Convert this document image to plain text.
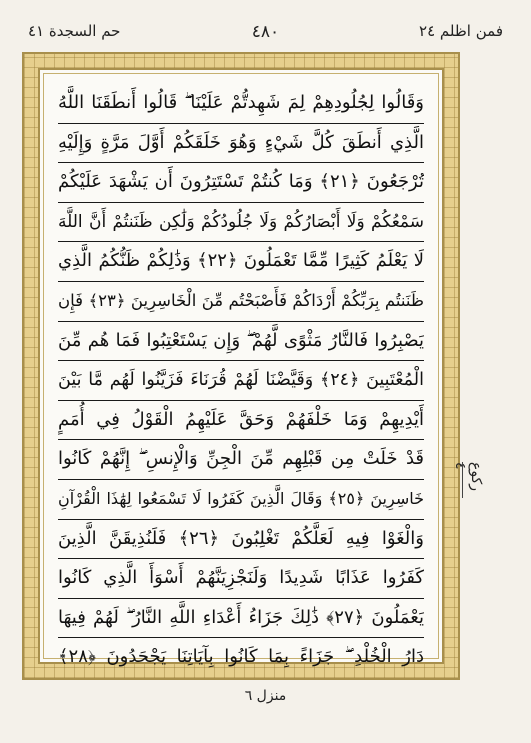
حم السجدة ٤١	٤٨٠	فمن اظلم ٢٤
وَقَالُوا لِجُلُودِهِمْ لِمَ شَهِدتُّمْ عَلَيْنَا ۖ قَالُوا أَنطَقَنَا اللَّهُ
الَّذِي أَنطَقَ كُلَّ شَيْءٍ وَهُوَ خَلَقَكُمْ أَوَّلَ مَرَّةٍ وَإِلَيْهِ
تُرْجَعُونَ ﴿٢١﴾ وَمَا كُنتُمْ تَسْتَتِرُونَ أَن يَشْهَدَ عَلَيْكُمْ
سَمْعُكُمْ وَلَا أَبْصَارُكُمْ وَلَا جُلُودُكُمْ وَلَٰكِن ظَنَنتُمْ أَنَّ اللَّهَ
لَا يَعْلَمُ كَثِيرًا مِّمَّا تَعْمَلُونَ ﴿٢٢﴾ وَذَٰلِكُمْ ظَنُّكُمُ الَّذِي
ظَنَنتُم بِرَبِّكُمْ أَرْدَاكُمْ فَأَصْبَحْتُم مِّنَ الْخَاسِرِينَ ﴿٢٣﴾ فَإِن
يَصْبِرُوا فَالنَّارُ مَثْوًى لَّهُمْ ۖ وَإِن يَسْتَعْتِبُوا فَمَا هُم مِّنَ
الْمُعْتَبِينَ ﴿٢٤﴾ وَقَيَّضْنَا لَهُمْ قُرَنَاءَ فَزَيَّنُوا لَهُم مَّا بَيْنَ
أَيْدِيهِمْ وَمَا خَلْفَهُمْ وَحَقَّ عَلَيْهِمُ الْقَوْلُ فِي أُمَمٍ
قَدْ خَلَتْ مِن قَبْلِهِم مِّنَ الْجِنِّ وَالْإِنسِ ۖ إِنَّهُمْ كَانُوا
خَاسِرِينَ ﴿٢٥﴾ وَقَالَ الَّذِينَ كَفَرُوا لَا تَسْمَعُوا لِهَٰذَا الْقُرْآنِ
وَالْغَوْا فِيهِ لَعَلَّكُمْ تَغْلِبُونَ ﴿٢٦﴾ فَلَنُذِيقَنَّ الَّذِينَ
كَفَرُوا عَذَابًا شَدِيدًا وَلَنَجْزِيَنَّهُمْ أَسْوَأَ الَّذِي كَانُوا
يَعْمَلُونَ ﴿٢٧﴾ ذَٰلِكَ جَزَاءُ أَعْدَاءِ اللَّهِ النَّارُ ۖ لَهُمْ فِيهَا
دَارُ الْخُلْدِ ۖ جَزَاءً بِمَا كَانُوا بِآيَاتِنَا يَجْحَدُونَ ﴿٢٨﴾
رکوع ٤
منزل ٦
